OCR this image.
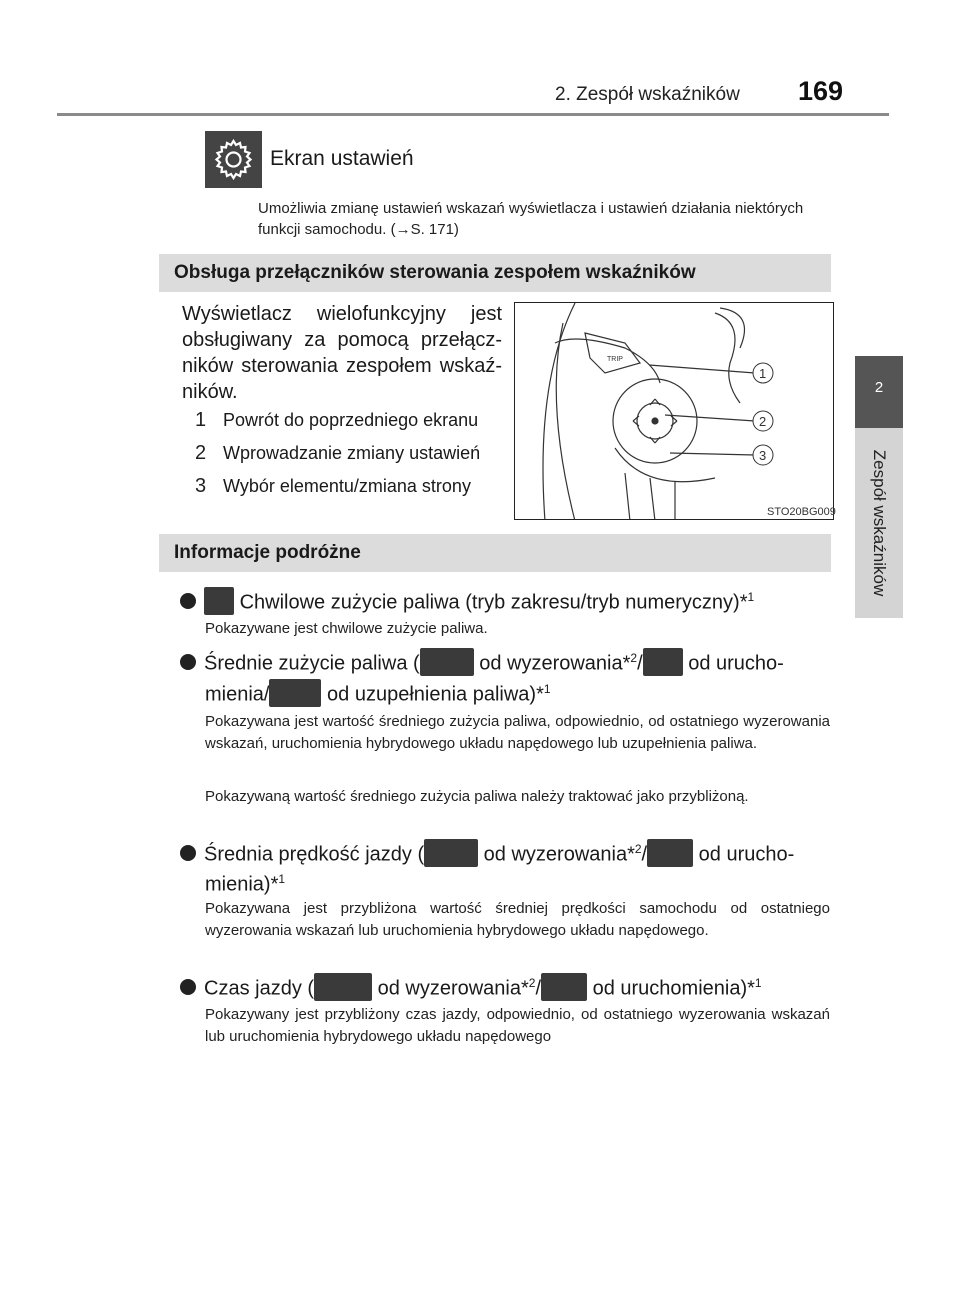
2. Zespół wskaźników 169
2
Zespół wskaźników
Ekran ustawień
Umożliwia zmianę ustawień wskazań wyświetlacza i ustawień działania niektórych funkcji samochodu. (→S. 171)
Obsługa przełączników sterowania zespołem wskaźników
Wyświetlacz wielofunkcyjny jest obsługiwany za pomocą przełączników sterowania zespołem wskaźników.
1 Powrót do poprzedniego ekranu
2 Wprowadzanie zmiany ustawień
3 Wybór elementu/zmiana strony
TRIP
1
2
3
STO20BG009
Informacje podróżne
Chwilowe zużycie paliwa (tryb zakresu/tryb numeryczny)*$^1$
Pokazywane jest chwilowe zużycie paliwa.
Średnie zużycie paliwa (	od wyzerowania*$^2$/ od urucho-
mienia/	od uzupełnienia paliwa)*$^1$
Pokazywana jest wartość średniego zużycia paliwa, odpowiednio, od ostatniego wyzerowania wskazań, uruchomienia hybrydowego układu napędowego lub uzupełnienia paliwa.
Pokazywaną wartość średniego zużycia paliwa należy traktować jako przybliżoną.
Średnia prędkość jazdy (	od wyzerowania*$^2$/ od urucho-
mienia)*$^1$
Pokazywana jest przybliżona wartość średniej prędkości samochodu od ostatniego wyzerowania wskazań lub uruchomienia hybrydowego układu napędowego.
Czas jazdy (	od wyzerowania*$^2$/ od uruchomienia)*$^1$
Pokazywany jest przybliżony czas jazdy, odpowiednio, od ostatniego wyzerowania wskazań lub uruchomienia hybrydowego układu napędowego
